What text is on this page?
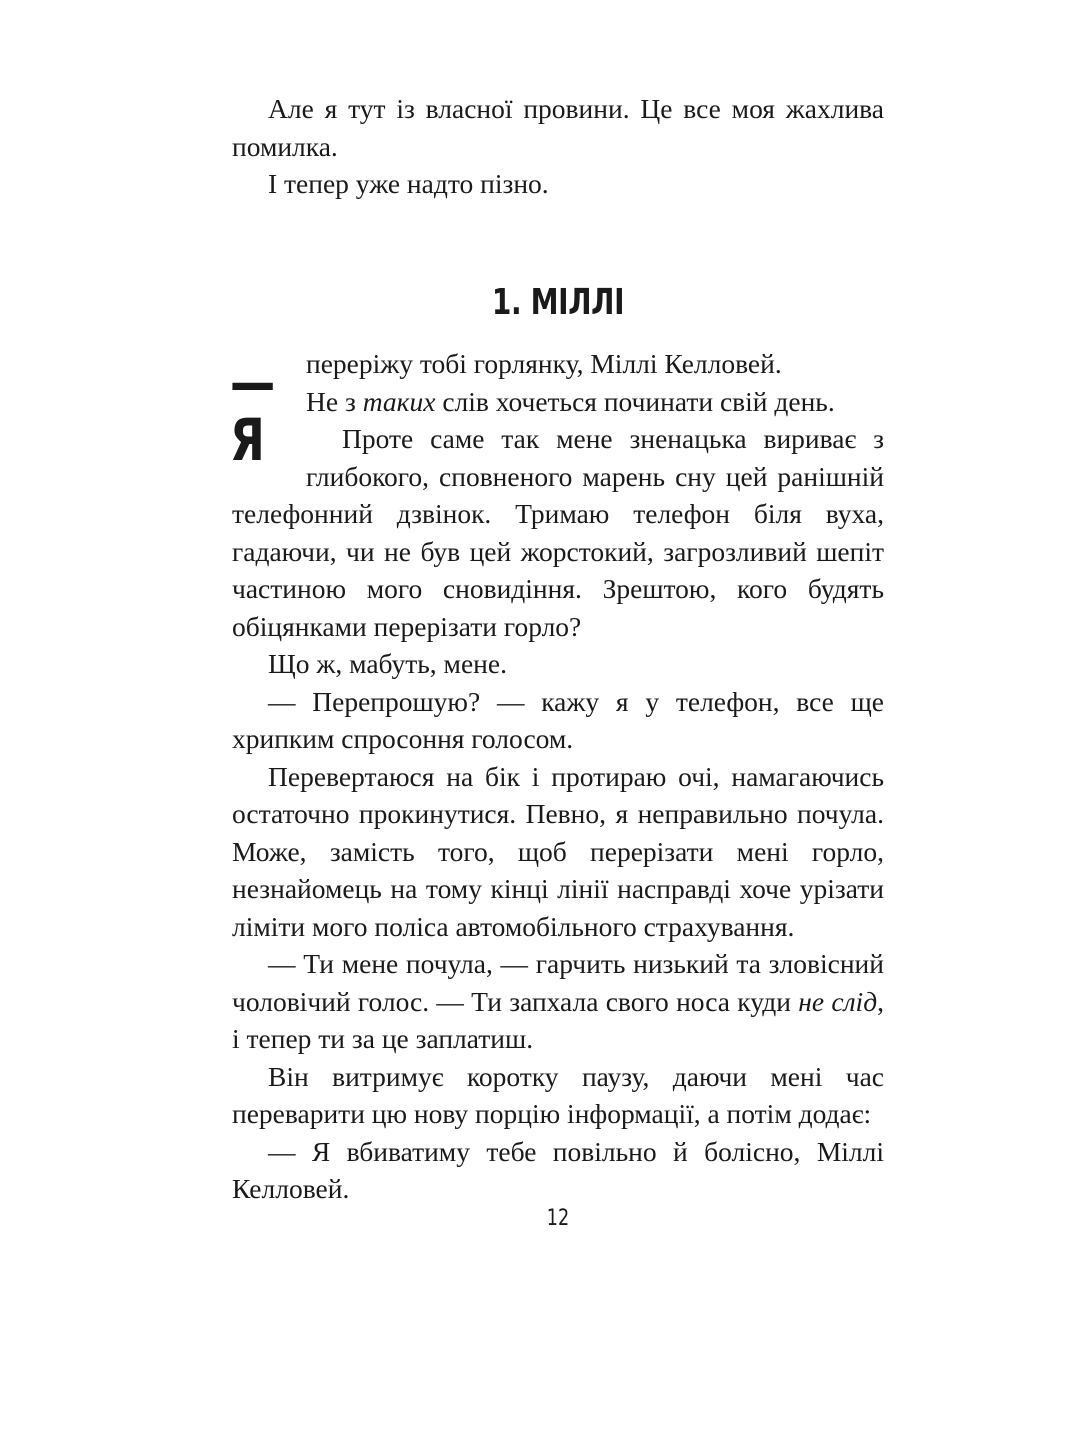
Але я тут із власної провини. Це все моя жахлива помилка.

І тепер уже надто пізно.

1. МІЛЛІ

—Я
переріжу тобі горлянку, Міллі Келловей.
Не з таких слів хочеться починати свій день.

Проте саме так мене зненацька вириває з глибокого, сповненого марень сну цей ранішній телефонний дзвінок. Тримаю телефон біля вуха, гадаючи, чи не був цей жорстокий, загрозливий шепіт частиною мого сновидіння. Зрештою, кого будять обіцянками перерізати горло?

Що ж, мабуть, мене.

— Перепрошую? — кажу я у телефон, все ще хрипким спросоння голосом.

Перевертаюся на бік і протираю очі, намагаючись остаточно прокинутися. Певно, я неправильно почула. Може, замість того, щоб перерізати мені горло, незнайомець на тому кінці лінії насправді хоче урізати ліміти мого поліса автомобільного страхування.

— Ти мене почула, — гарчить низький та зловісний чоловічий голос. — Ти запхала свого носа куди не слід, і тепер ти за це заплатиш.

Він витримує коротку паузу, даючи мені час переварити цю нову порцію інформації, а потім додає:

— Я вбиватиму тебе повільно й болісно, Міллі Келловей.

12
